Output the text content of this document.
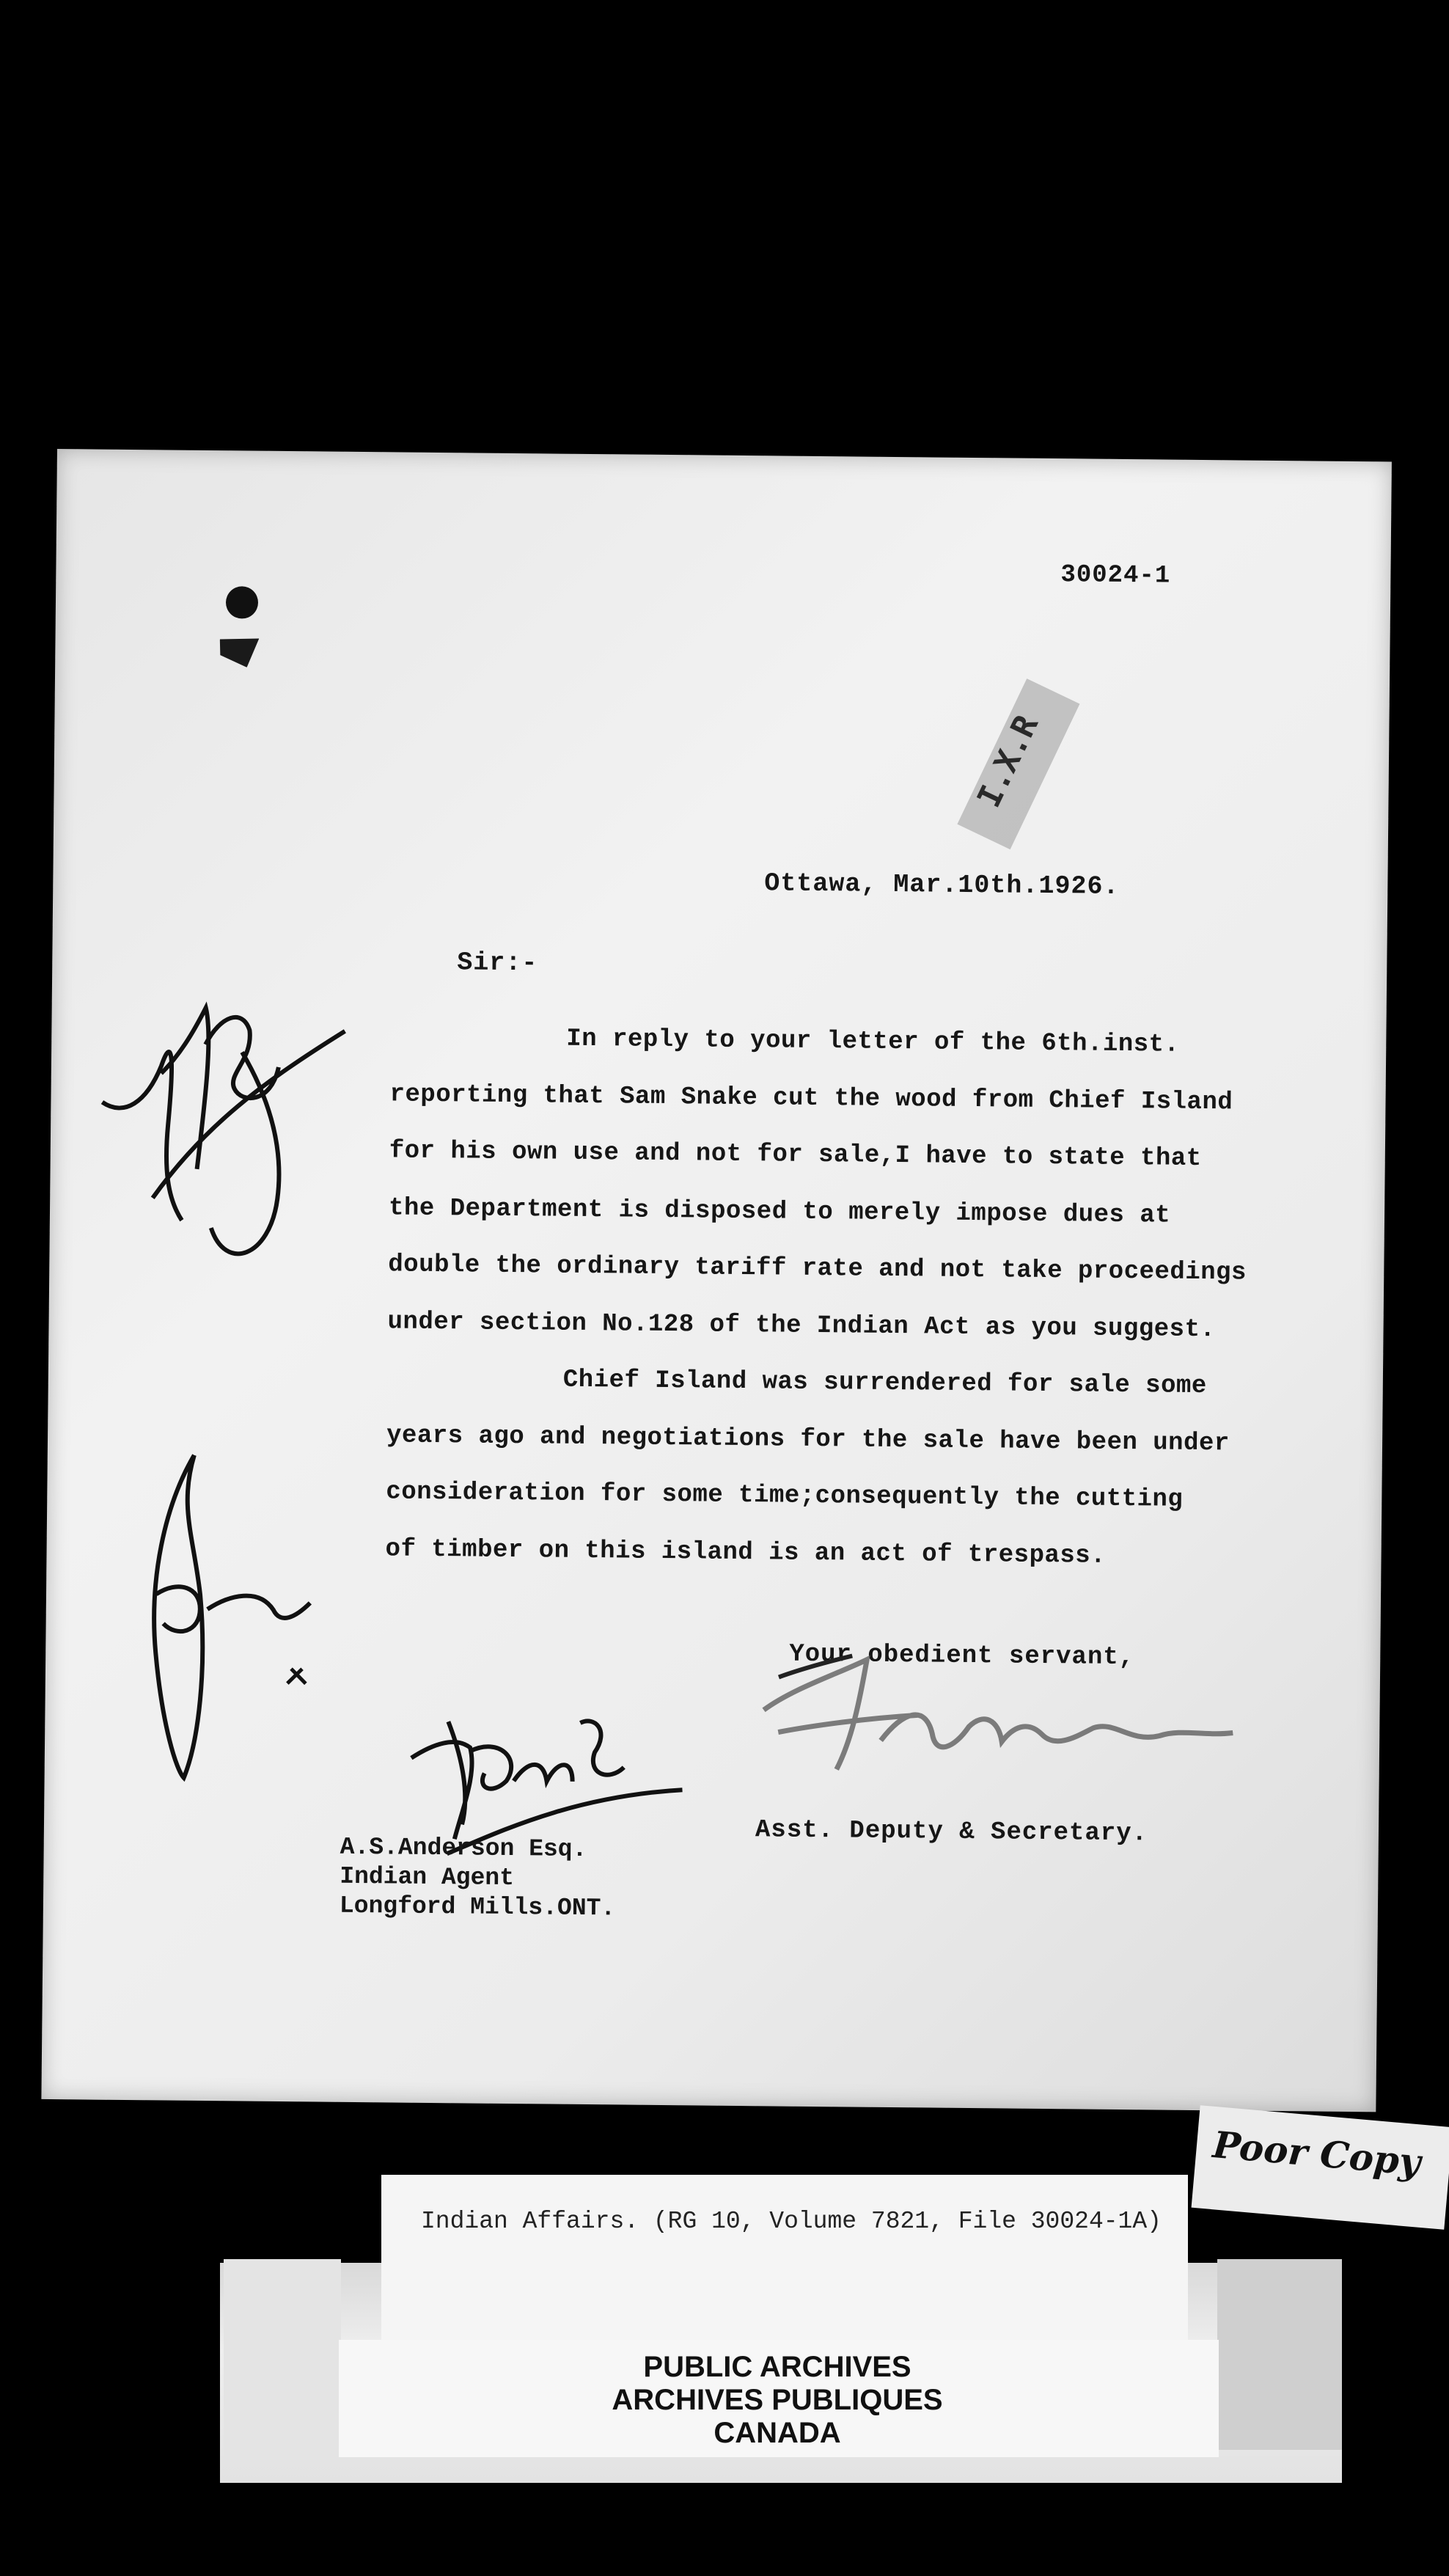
30024-1
I.X.R
Ottawa, Mar.10th.1926.
Sir:-
In reply to your letter of the 6th.inst.
reporting that Sam Snake cut the wood from Chief Island
for his own use and not for sale,I have to state that
the Department is disposed to merely impose dues at
double the ordinary tariff rate and not take proceedings
under section No.128 of the Indian Act as you suggest.
Chief Island was surrendered for sale some
years ago and negotiations for the sale have been under
consideration for some time;consequently the cutting
of timber on this island is an act of trespass.
Your obedient servant,
Asst. Deputy & Secretary.
A.S.Anderson Esq.
Indian Agent
Longford Mills.ONT.
Indian Affairs. (RG 10, Volume 7821, File 30024-1A)
Poor Copy
PUBLIC ARCHIVES
ARCHIVES PUBLIQUES
CANADA
